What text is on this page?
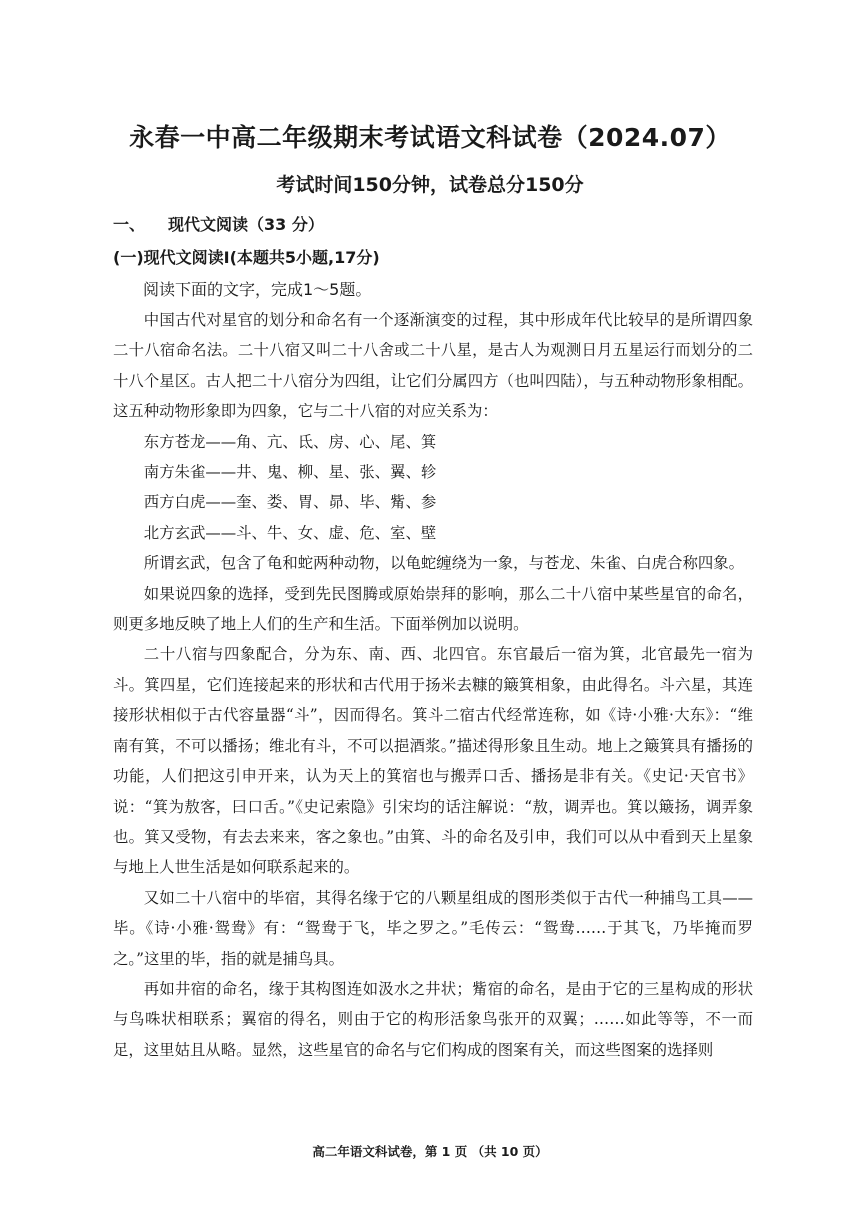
永春一中高二年级期末考试语文科试卷（2024.07）
考试时间150分钟，试卷总分150分
一、 现代文阅读（33 分）
(一)现代文阅读Ⅰ(本题共5小题,17分)
阅读下面的文字，完成1～5题。

中国古代对星官的划分和命名有一个逐渐演变的过程，其中形成年代比较早的是所谓四象二十八宿命名法。二十八宿又叫二十八舍或二十八星，是古人为观测日月五星运行而划分的二十八个星区。古人把二十八宿分为四组，让它们分属四方（也叫四陆），与五种动物形象相配。这五种动物形象即为四象，它与二十八宿的对应关系为：

东方苍龙——角、亢、氐、房、心、尾、箕

南方朱雀——井、鬼、柳、星、张、翼、轸

西方白虎——奎、娄、胃、昴、毕、觜、参

北方玄武——斗、牛、女、虚、危、室、壁

所谓玄武，包含了龟和蛇两种动物，以龟蛇缠绕为一象，与苍龙、朱雀、白虎合称四象。

如果说四象的选择，受到先民图腾或原始崇拜的影响，那么二十八宿中某些星官的命名，则更多地反映了地上人们的生产和生活。下面举例加以说明。

二十八宿与四象配合，分为东、南、西、北四官。东官最后一宿为箕，北官最先一宿为斗。箕四星，它们连接起来的形状和古代用于扬米去糠的簸箕相象，由此得名。斗六星，其连接形状相似于古代容量器“斗”，因而得名。箕斗二宿古代经常连称，如《诗·小雅·大东》：“维南有箕，不可以播扬；维北有斗，不可以挹酒浆。”描述得形象且生动。地上之簸箕具有播扬的功能，人们把这引申开来，认为天上的箕宿也与搬弄口舌、播扬是非有关。《史记·天官书》说：“箕为敖客，曰口舌。”《史记索隐》引宋均的话注解说：“敖，调弄也。箕以簸扬，调弄象也。箕又受物，有去去来来，客之象也。”由箕、斗的命名及引申，我们可以从中看到天上星象与地上人世生活是如何联系起来的。

又如二十八宿中的毕宿，其得名缘于它的八颗星组成的图形类似于古代一种捕鸟工具——毕。《诗·小雅·鸳鸯》有：“鸳鸯于飞，毕之罗之。”毛传云：“鸳鸯……于其飞，乃毕掩而罗之。”这里的毕，指的就是捕鸟具。

再如井宿的命名，缘于其构图连如汲水之井状；觜宿的命名，是由于它的三星构成的形状与鸟咮状相联系；翼宿的得名，则由于它的构形活象鸟张开的双翼；……如此等等，不一而足，这里姑且从略。显然，这些星官的命名与它们构成的图案有关，而这些图案的选择则

高二年语文科试卷，第 1 页 （共 10 页）
